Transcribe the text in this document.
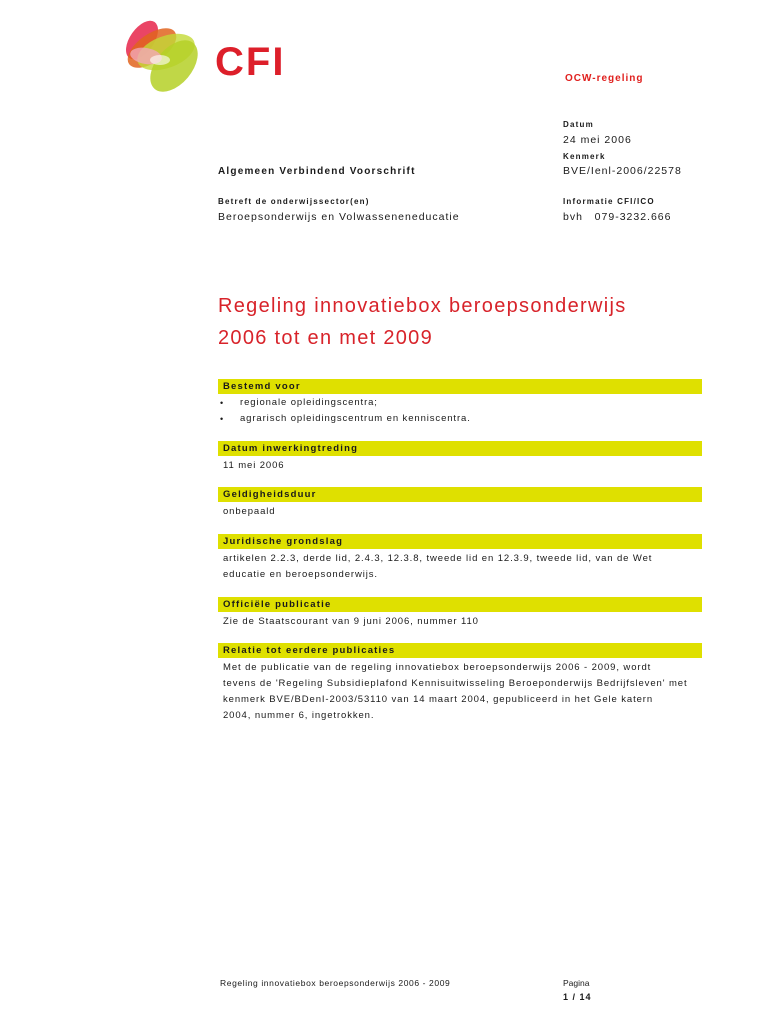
CFI	OCW-regeling
Datum
24 mei 2006
Kenmerk
BVE/Ienl-2006/22578
Informatie CFI/ICO
bvh   079-3232.666
Algemeen Verbindend Voorschrift
Betreft de onderwijssector(en)
Beroepsonderwijs en Volwasseneneducatie
Regeling innovatiebox beroepsonderwijs
2006 tot en met 2009
Bestemd voor
• regionale opleidingscentra;
• agrarisch opleidingscentrum en kenniscentra.
Datum inwerkingtreding
11 mei 2006
Geldigheidsduur
onbepaald
Juridische grondslag
artikelen 2.2.3, derde lid, 2.4.3, 12.3.8, tweede lid en 12.3.9, tweede lid, van de Wet
educatie en beroepsonderwijs.
Officiële publicatie
Zie de Staatscourant van 9 juni 2006, nummer 110
Relatie tot eerdere publicaties
Met de publicatie van de regeling innovatiebox beroepsonderwijs 2006 - 2009, wordt
tevens de 'Regeling Subsidieplafond Kennisuitwisseling Beroeponderwijs Bedrijfsleven' met
kenmerk BVE/BDenI-2003/53110 van 14 maart 2004, gepubliceerd in het Gele katern
2004, nummer 6, ingetrokken.
Regeling innovatiebox beroepsonderwijs 2006 - 2009	Pagina
1 / 14
